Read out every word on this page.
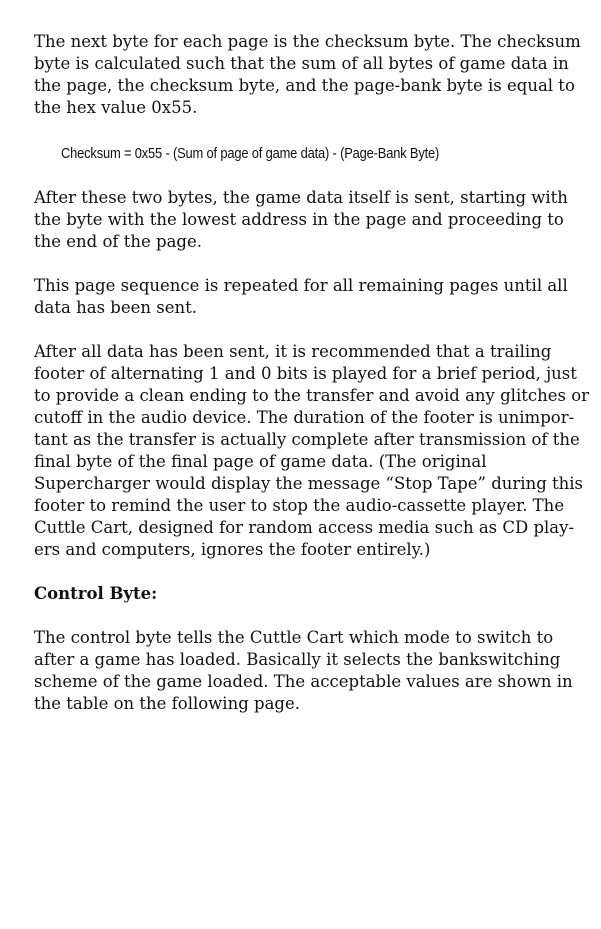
The next byte for each page is the checksum byte. The checksum
byte is calculated such that the sum of all bytes of game data in
the page, the checksum byte, and the page-bank byte is equal to
the hex value 0x55.

Checksum = 0x55 - (Sum of page of game data) - (Page-Bank Byte)

After these two bytes, the game data itself is sent, starting with
the byte with the lowest address in the page and proceeding to
the end of the page.

This page sequence is repeated for all remaining pages until all
data has been sent.

After all data has been sent, it is recommended that a trailing
footer of alternating 1 and 0 bits is played for a brief period, just
to provide a clean ending to the transfer and avoid any glitches or
cutoff in the audio device. The duration of the footer is unimpor-
tant as the transfer is actually complete after transmission of the
final byte of the final page of game data. (The original
Supercharger would display the message “Stop Tape” during this
footer to remind the user to stop the audio-cassette player. The
Cuttle Cart, designed for random access media such as CD play-
ers and computers, ignores the footer entirely.)

Control Byte:

The control byte tells the Cuttle Cart which mode to switch to
after a game has loaded. Basically it selects the bankswitching
scheme of the game loaded. The acceptable values are shown in
the table on the following page.
